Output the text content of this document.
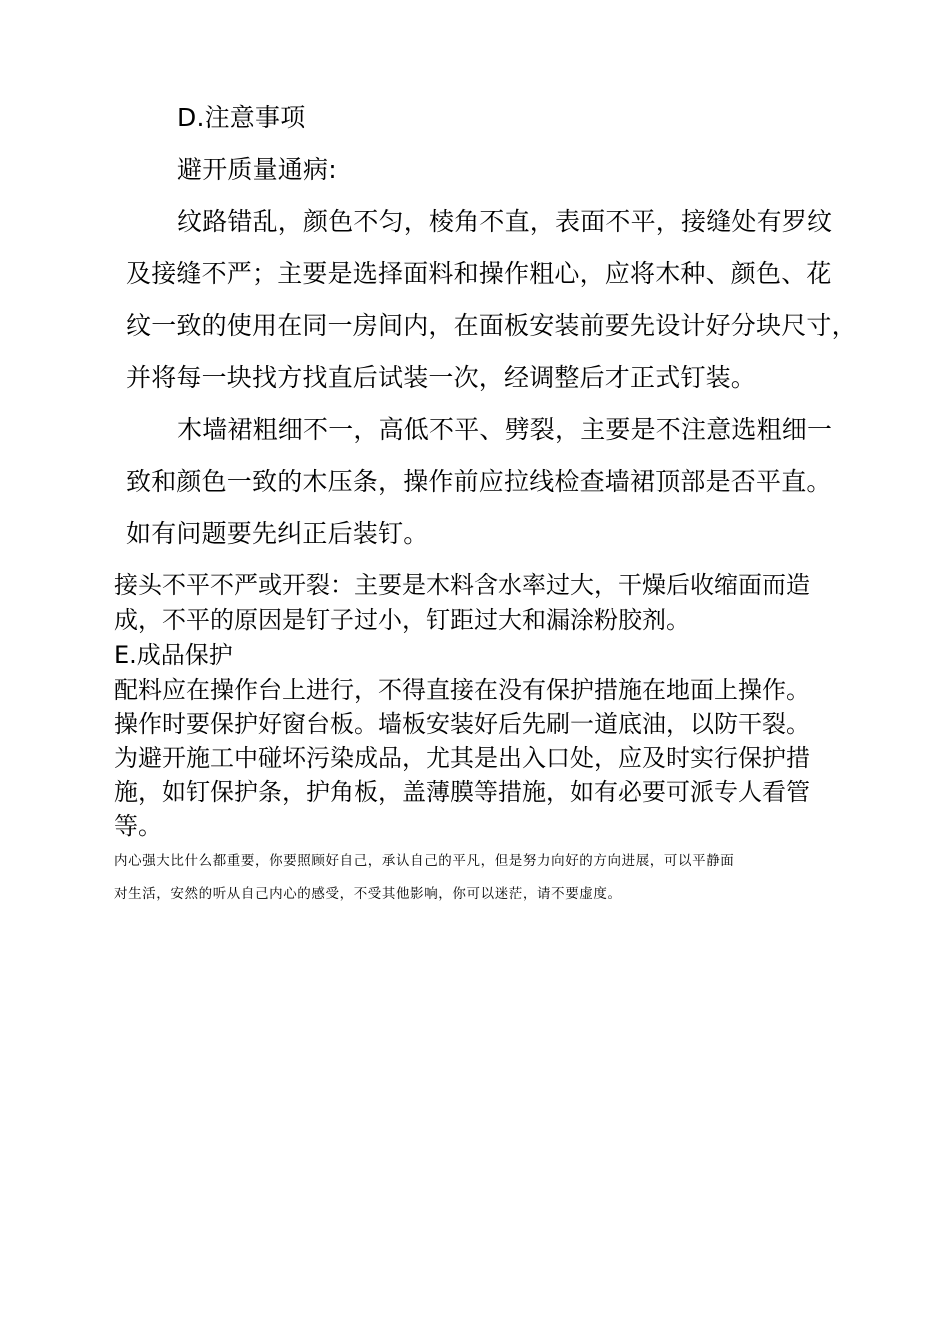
D.注意事项

避开质量通病:

纹路错乱，颜色不匀，棱角不直，表面不平，接缝处有罗纹

及接缝不严；主要是选择面料和操作粗心，应将木种、颜色、花

纹一致的使用在同一房间内，在面板安装前要先设计好分块尺寸，

并将每一块找方找直后试装一次，经调整后才正式钉装。

木墙裙粗细不一，高低不平、劈裂，主要是不注意选粗细一

致和颜色一致的木压条，操作前应拉线检查墙裙顶部是否平直。

如有问题要先纠正后装钉。

接头不平不严或开裂：主要是木料含水率过大，干燥后收缩面而造

成，不平的原因是钉子过小，钉距过大和漏涂粉胶剂。

E.成品保护

配料应在操作台上进行，不得直接在没有保护措施在地面上操作。

操作时要保护好窗台板。墙板安装好后先刷一道底油，以防干裂。

为避开施工中碰坏污染成品，尤其是出入口处，应及时实行保护措

施，如钉保护条，护角板，盖薄膜等措施，如有必要可派专人看管

等。

内心强大比什么都重要，你要照顾好自己，承认自己的平凡，但是努力向好的方向进展，可以平静面

对生活，安然的听从自己内心的感受，不受其他影响，你可以迷茫，请不要虚度。
